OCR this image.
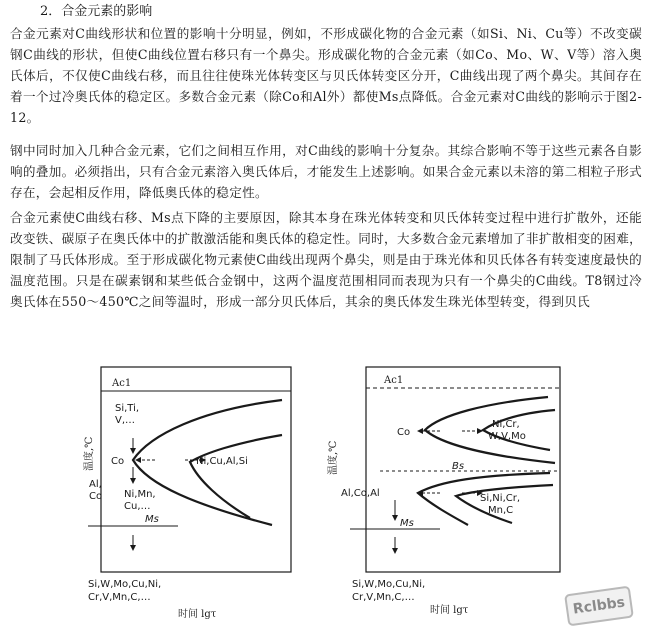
2．合金元素的影响

合金元素对C曲线形状和位置的影响十分明显，例如，不形成碳化物的合金元素（如Si、Ni、Cu等）不改变碳钢C曲线的形状，但使C曲线位置右移只有一个鼻尖。形成碳化物的合金元素（如Co、Mo、W、V等）溶入奥氏体后，不仅使C曲线右移，而且往往使珠光体转变区与贝氏体转变区分开，C曲线出现了两个鼻尖。其间存在着一个过冷奥氏体的稳定区。多数合金元素（除Co和Al外）都使Ms点降低。合金元素对C曲线的影响示于图2-12。

钢中同时加入几种合金元素，它们之间相互作用，对C曲线的影响十分复杂。其综合影响不等于这些元素各自影响的叠加。必须指出，只有合金元素溶入奥氏体后，才能发生上述影响。如果合金元素以未溶的第二相粒子形式存在，会起相反作用，降低奥氏体的稳定性。

合金元素使C曲线右移、Ms点下降的主要原因，除其本身在珠光体转变和贝氏体转变过程中进行扩散外，还能改变铁、碳原子在奥氏体中的扩散激活能和奥氏体的稳定性。同时，大多数合金元素增加了非扩散相变的困难，限制了马氏体形成。至于形成碳化物元素使C曲线出现两个鼻尖，则是由于珠光体和贝氏体各有转变速度最快的温度范围。只是在碳素钢和某些低合金钢中，这两个温度范围相同而表现为只有一个鼻尖的C曲线。T8钢过冷奥氏体在550～450℃之间等温时，形成一部分贝氏体后，其余的奥氏体发生珠光体型转变，得到贝氏

Ac1
Si,Ti,
V,…
Co	Ni,Cu,Al,Si
Al,
Co Ni,Mn,
Cu,…
Ms
温度,℃
Si,W,Mo,Cu,Ni,
Cr,V,Mn,C,…
时间 lgτ
Ac1
Co
Ni,Cr,
W,V,Mo
Bs
温度,℃
Al,Co,Al	Si,Ni,Cr,
Mn,C
Ms
Si,W,Mo,Cu,Ni,
Cr,V,Mn,C,…
时间 lgτ	Rclbbs
